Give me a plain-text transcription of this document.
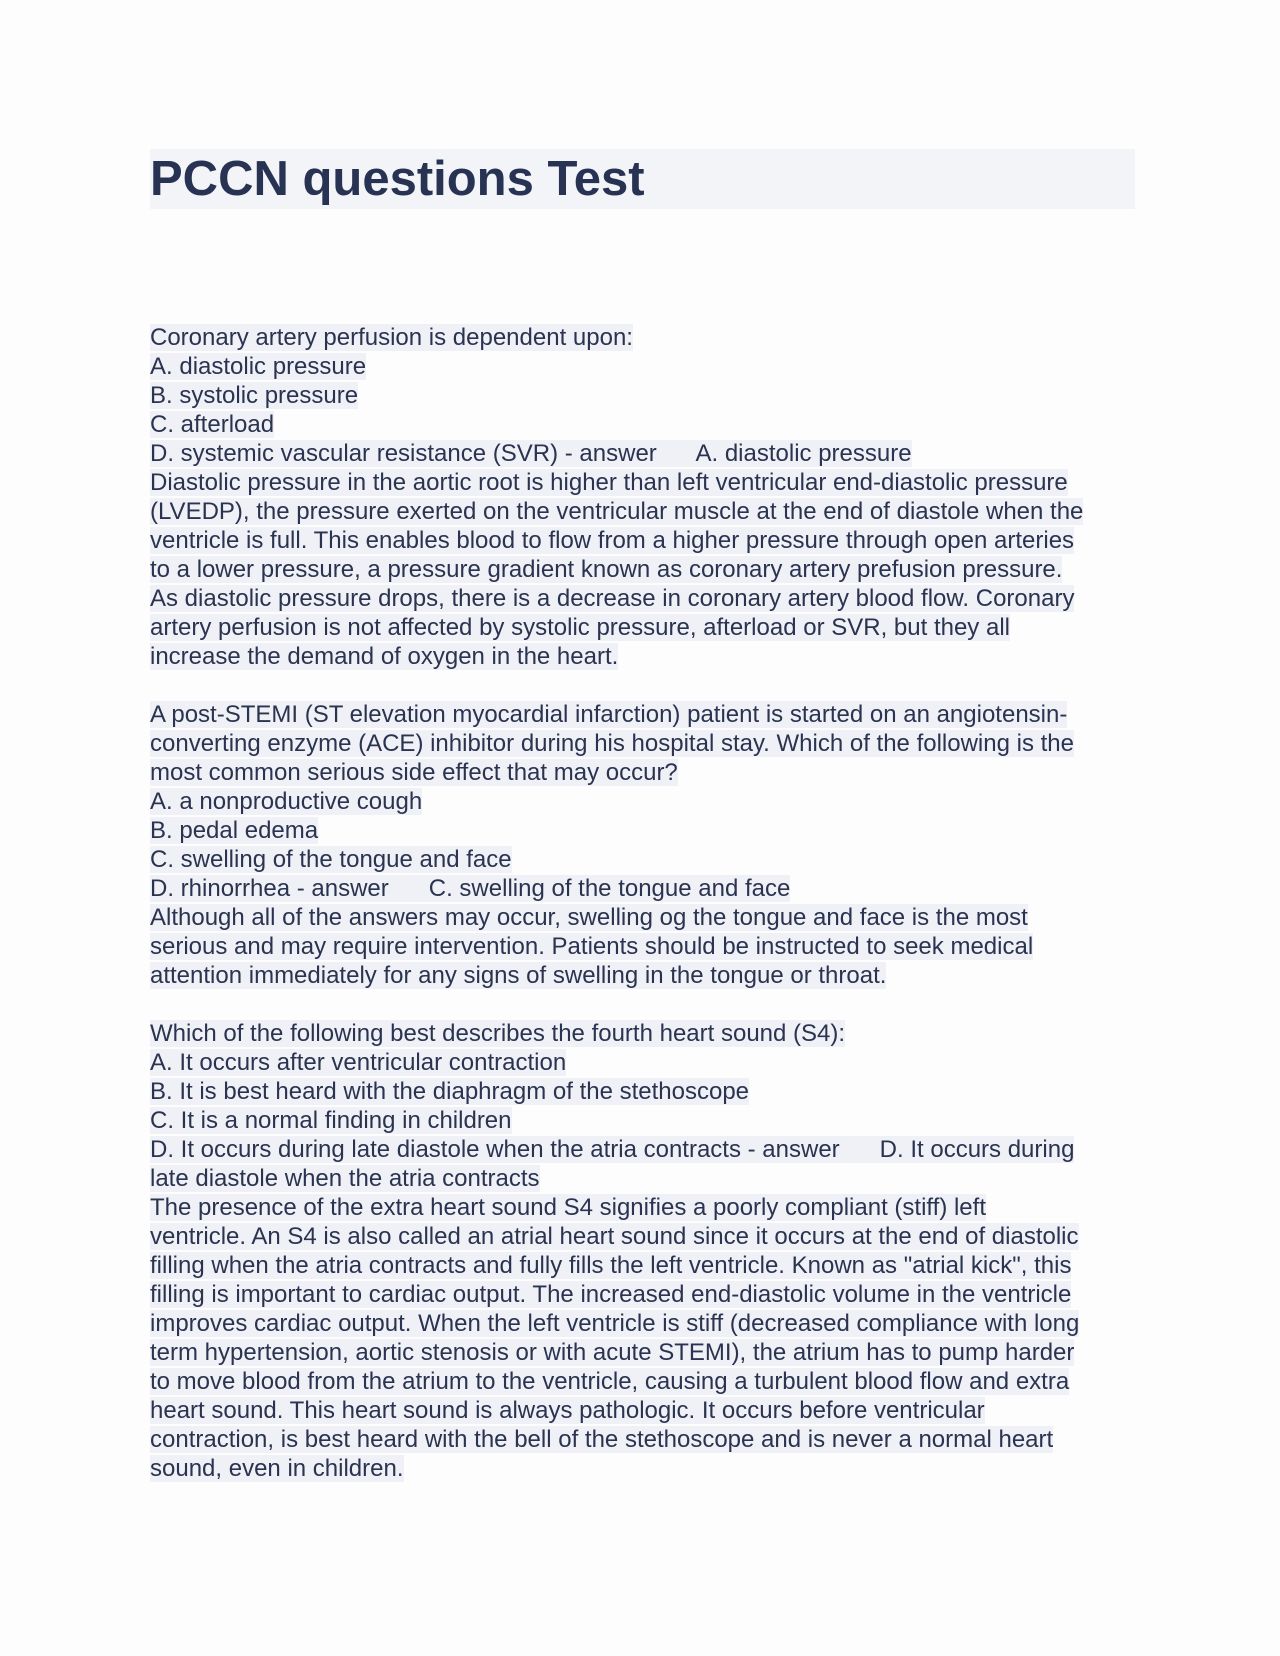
PCCN questions Test
Coronary artery perfusion is dependent upon:
A. diastolic pressure
B. systolic pressure
C. afterload
D. systemic vascular resistance (SVR) - answer      A. diastolic pressure
Diastolic pressure in the aortic root is higher than left ventricular end-diastolic pressure
(LVEDP), the pressure exerted on the ventricular muscle at the end of diastole when the
ventricle is full. This enables blood to flow from a higher pressure through open arteries
to a lower pressure, a pressure gradient known as coronary artery prefusion pressure.
As diastolic pressure drops, there is a decrease in coronary artery blood flow. Coronary
artery perfusion is not affected by systolic pressure, afterload or SVR, but they all
increase the demand of oxygen in the heart.
A post-STEMI (ST elevation myocardial infarction) patient is started on an angiotensin-
converting enzyme (ACE) inhibitor during his hospital stay. Which of the following is the
most common serious side effect that may occur?
A. a nonproductive cough
B. pedal edema
C. swelling of the tongue and face
D. rhinorrhea - answer      C. swelling of the tongue and face
Although all of the answers may occur, swelling og the tongue and face is the most
serious and may require intervention. Patients should be instructed to seek medical
attention immediately for any signs of swelling in the tongue or throat.
Which of the following best describes the fourth heart sound (S4):
A. It occurs after ventricular contraction
B. It is best heard with the diaphragm of the stethoscope
C. It is a normal finding in children
D. It occurs during late diastole when the atria contracts - answer      D. It occurs during
late diastole when the atria contracts
The presence of the extra heart sound S4 signifies a poorly compliant (stiff) left
ventricle. An S4 is also called an atrial heart sound since it occurs at the end of diastolic
filling when the atria contracts and fully fills the left ventricle. Known as "atrial kick", this
filling is important to cardiac output. The increased end-diastolic volume in the ventricle
improves cardiac output. When the left ventricle is stiff (decreased compliance with long
term hypertension, aortic stenosis or with acute STEMI), the atrium has to pump harder
to move blood from the atrium to the ventricle, causing a turbulent blood flow and extra
heart sound. This heart sound is always pathologic. It occurs before ventricular
contraction, is best heard with the bell of the stethoscope and is never a normal heart
sound, even in children.
